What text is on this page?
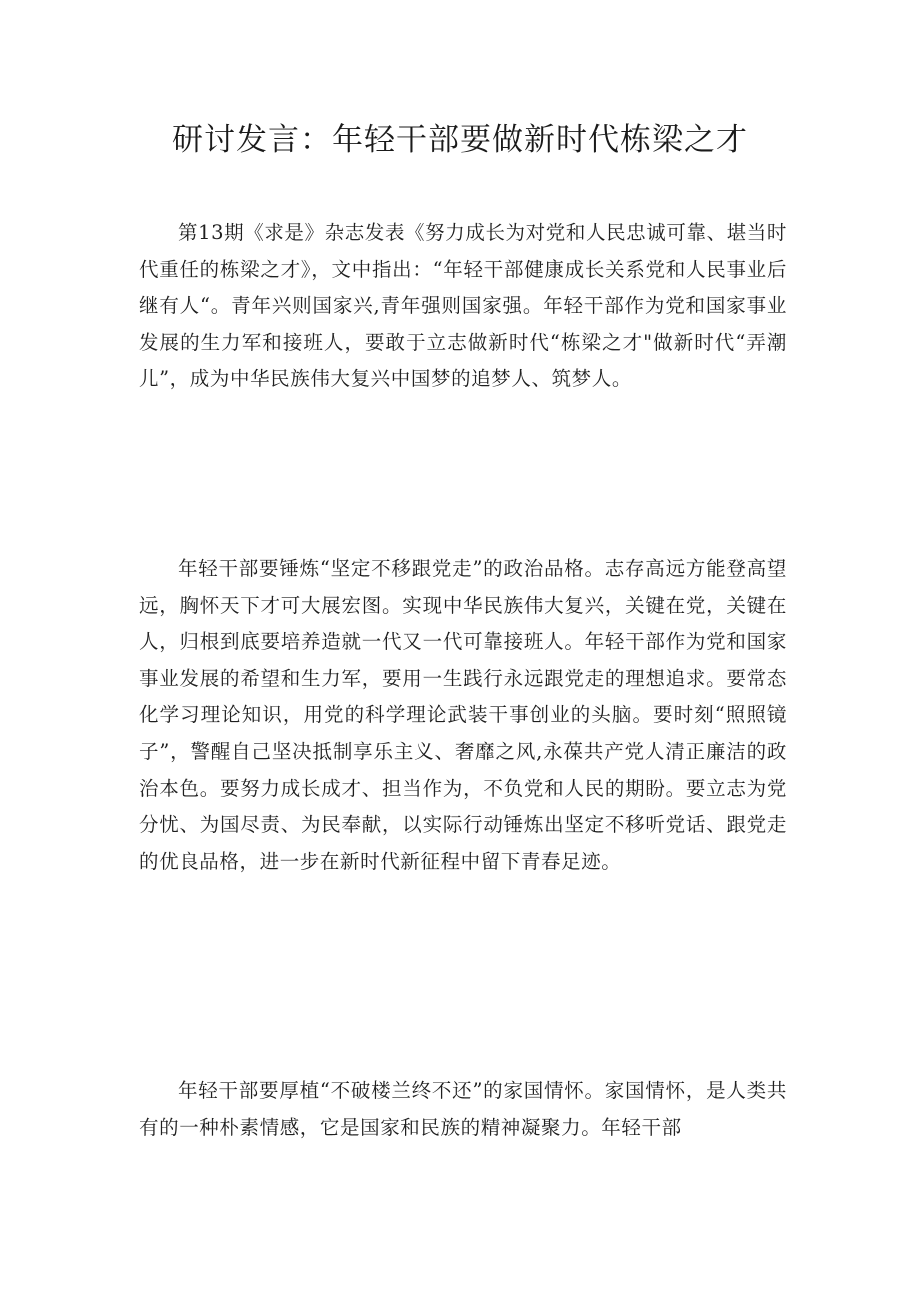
研讨发言：年轻干部要做新时代栋梁之才

第13期《求是》杂志发表《努力成长为对党和人民忠诚可靠、堪当时代重任的栋梁之才》，文中指出：“年轻干部健康成长关系党和人民事业后继有人“。青年兴则国家兴,青年强则国家强。年轻干部作为党和国家事业发展的生力军和接班人，要敢于立志做新时代“栋梁之才"做新时代“弄潮儿”，成为中华民族伟大复兴中国梦的追梦人、筑梦人。

年轻干部要锤炼“坚定不移跟党走”的政治品格。志存高远方能登高望远，胸怀天下才可大展宏图。实现中华民族伟大复兴，关键在党，关键在人，归根到底要培养造就一代又一代可靠接班人。年轻干部作为党和国家事业发展的希望和生力军，要用一生践行永远跟党走的理想追求。要常态化学习理论知识，用党的科学理论武装干事创业的头脑。要时刻“照照镜子”，警醒自己坚决抵制享乐主义、奢靡之风,永葆共产党人清正廉洁的政治本色。要努力成长成才、担当作为，不负党和人民的期盼。要立志为党分忧、为国尽责、为民奉献，以实际行动锤炼出坚定不移听党话、跟党走的优良品格，进一步在新时代新征程中留下青春足迹。

年轻干部要厚植“不破楼兰终不还”的家国情怀。家国情怀，是人类共有的一种朴素情感，它是国家和民族的精神凝聚力。年轻干部
